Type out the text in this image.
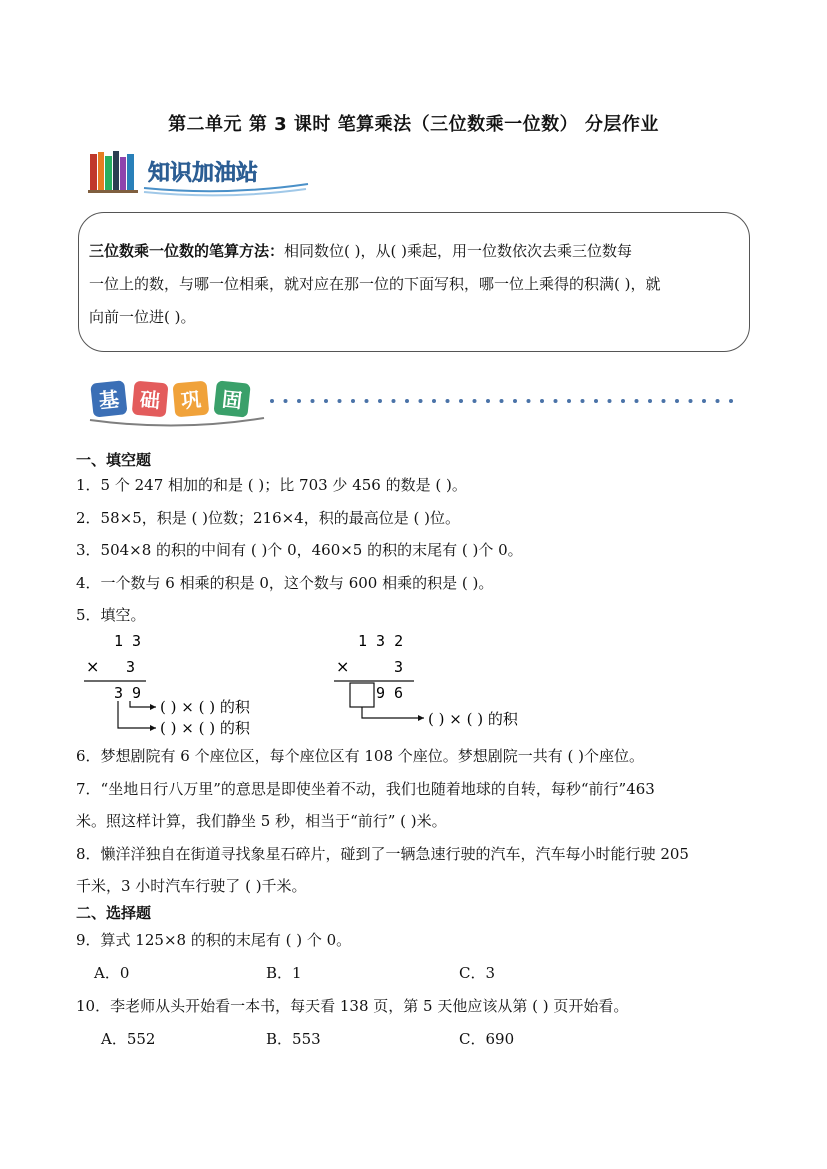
第二单元 第 3 课时 笔算乘法（三位数乘一位数） 分层作业
知识加油站
三位数乘一位数的笔算方法：相同数位( )，从( )乘起，用一位数依次去乘三位数每
一位上的数，与哪一位相乘，就对应在那一位的下面写积，哪一位上乘得的积满( )，就
向前一位进( )。
基 础 巩 固
一、填空题
1．5 个 247 相加的和是 ( )；比 703 少 456 的数是 ( )。
2．58×5，积是 ( )位数；216×4，积的最高位是 ( )位。
3．504×8 的积的中间有 ( )个 0，460×5 的积的末尾有 ( )个 0。
4．一个数与 6 相乘的积是 0，这个数与 600 相乘的积是 ( )。
5．填空。
1 3
× 3
3 9
( ) × ( ) 的积
( ) × ( ) 的积
1 3 2
×	3
9 6
( ) × ( ) 的积
6．梦想剧院有 6 个座位区，每个座位区有 108 个座位。梦想剧院一共有 ( )个座位。
7．“坐地日行八万里”的意思是即使坐着不动，我们也随着地球的自转，每秒“前行”463
米。照这样计算，我们静坐 5 秒，相当于“前行” ( )米。
8．懒洋洋独自在街道寻找象星石碎片，碰到了一辆急速行驶的汽车，汽车每小时能行驶 205
千米，3 小时汽车行驶了 ( )千米。
二、选择题
9．算式 125×8 的积的末尾有 ( ) 个 0。
A．0	B．1	C．3
10．李老师从头开始看一本书，每天看 138 页，第 5 天他应该从第 ( ) 页开始看。
A．552	B．553	C．690
